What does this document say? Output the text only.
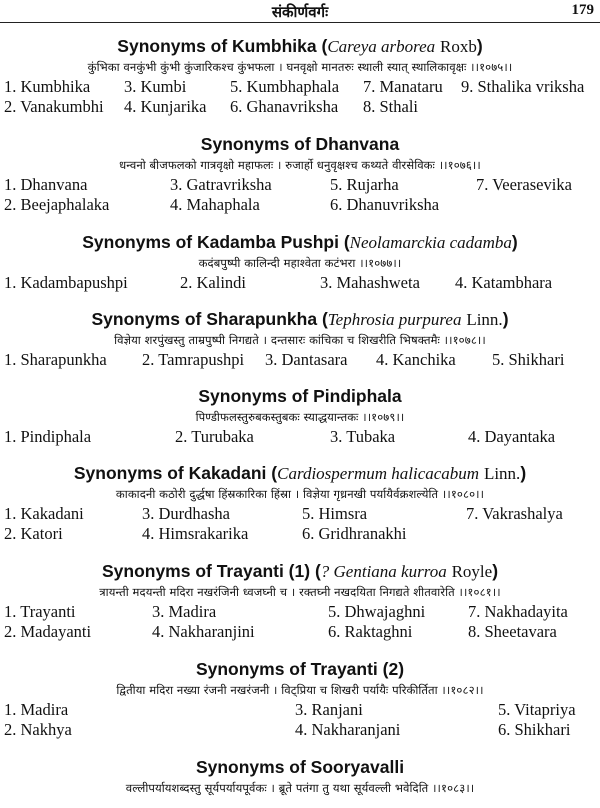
संकीर्णवर्गः	179
Synonyms of Kumbhika (Careya arborea Roxb)
कुंभिका वनकुंभी कुंभी कुंजारिकश्च कुंभफला । घनवृक्षो मानतरुः स्थाली स्यात् स्थालिकावृक्षः ।।१०७५।।
1. Kumbhika 3. Kumbi	5. Kumbhaphala 7. Manataru 9. Sthalika vriksha
2. Vanakumbhi 4. Kunjarika 6. Ghanavriksha 8. Sthali
Synonyms of Dhanvana
धन्वनो बीजफलको गात्रवृक्षो महाफलः । रुजार्हो धनुवृक्षश्च कथ्यते वीरसेविकः ।।१०७६।।
1. Dhanvana	3. Gatravriksha	5. Rujarha	7. Veerasevika
2. Beejaphalaka	4. Mahaphala	6. Dhanuvriksha
Synonyms of Kadamba Pushpi (Neolamarckia cadamba)
कदंबपुष्पी कालिन्दी महाश्वेता कटंभरा ।।१०७७।।
1. Kadambapushpi	2. Kalindi	3. Mahashweta 4. Katambhara
Synonyms of Sharapunkha (Tephrosia purpurea Linn.)
विज्ञेया शरपुंखस्तु ताम्रपुष्पी निगद्यते । दन्तसारः कांचिका च शिखरीति भिषक्तमैः ।।१०७८।।
1. Sharapunkha 2. Tamrapushpi 3. Dantasara 4. Kanchika 5. Shikhari
Synonyms of Pindiphala
पिण्डीफलस्तुरुबकस्तुबकः स्याद्धयान्तकः ।।१०७९।।
1. Pindiphala	2. Turubaka	3. Tubaka	4. Dayantaka
Synonyms of Kakadani (Cardiospermum halicacabum Linn.)
काकादनी कठोरी दुर्द्धषा हिंस्रकारिका हिंस्रा । विज्ञेया गृध्रनखी पर्यायैर्वक्रशल्येति ।।१०८०।।
1. Kakadani	3. Durdhasha	5. Himsra	7. Vakrashalya
2. Katori	4. Himsrakarika	6. Gridhranakhi
Synonyms of Trayanti (1) (? Gentiana kurroa Royle)
त्रायन्ती मदयन्ती मदिरा नखरंजिनी ध्वजघ्नी च । रक्तघ्नी नखदयिता निगद्यते शीतवारेति ।।१०८१।।
1. Trayanti	3. Madira	5. Dhwajaghni	7. Nakhadayita
2. Madayanti	4. Nakharanjini	6. Raktaghni	8. Sheetavara
Synonyms of Trayanti (2)
द्वितीया मदिरा नख्या रंजनी नखरंजनी । विट्प्रिया च शिखरी पर्यायैः परिकीर्तिता ।।१०८२।।
1. Madira	3. Ranjani	5. Vitapriya
2. Nakhya	4. Nakharanjani	6. Shikhari
Synonyms of Sooryavalli
वल्लीपर्यायशब्दस्तु सूर्यपर्यायपूर्वकः । ब्रूते पतंगा तु यथा सूर्यवल्ली भवेदिति ।।१०८३।।
